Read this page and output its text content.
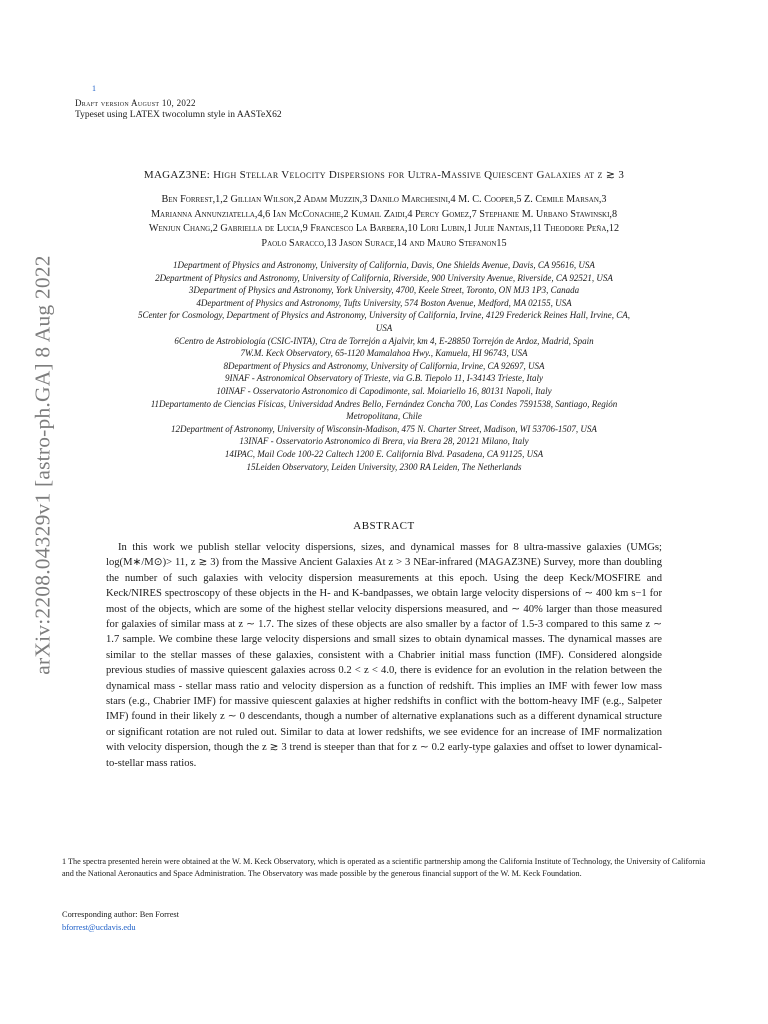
arXiv:2208.04329v1 [astro-ph.GA] 8 Aug 2022
1
Draft version August 10, 2022
Typeset using LATEX twocolumn style in AASTeX62
MAGAZ3NE: High Stellar Velocity Dispersions for Ultra-Massive Quiescent Galaxies at z ≳ 3
Ben Forrest,1,2 Gillian Wilson,2 Adam Muzzin,3 Danilo Marchesini,4 M. C. Cooper,5 Z. Cemile Marsan,3
Marianna Annunziatella,4,6 Ian McConachie,2 Kumail Zaidi,4 Percy Gomez,7 Stephanie M. Urbano Stawinski,8
Wenjun Chang,2 Gabriella de Lucia,9 Francesco La Barbera,10 Lori Lubin,1 Julie Nantais,11 Theodore Peña,12
Paolo Saracco,13 Jason Surace,14 and Mauro Stefanon15
1Department of Physics and Astronomy, University of California, Davis, One Shields Avenue, Davis, CA 95616, USA
2Department of Physics and Astronomy, University of California, Riverside, 900 University Avenue, Riverside, CA 92521, USA
3Department of Physics and Astronomy, York University, 4700, Keele Street, Toronto, ON MJ3 1P3, Canada
4Department of Physics and Astronomy, Tufts University, 574 Boston Avenue, Medford, MA 02155, USA
5Center for Cosmology, Department of Physics and Astronomy, University of California, Irvine, 4129 Frederick Reines Hall, Irvine, CA,
USA
6Centro de Astrobiología (CSIC-INTA), Ctra de Torrejón a Ajalvir, km 4, E-28850 Torrejón de Ardoz, Madrid, Spain
7W.M. Keck Observatory, 65-1120 Mamalahoa Hwy., Kamuela, HI 96743, USA
8Department of Physics and Astronomy, University of California, Irvine, CA 92697, USA
9INAF - Astronomical Observatory of Trieste, via G.B. Tiepolo 11, I-34143 Trieste, Italy
10INAF - Osservatorio Astronomico di Capodimonte, sal. Moiariello 16, 80131 Napoli, Italy
11Departamento de Ciencias Físicas, Universidad Andres Bello, Fernández Concha 700, Las Condes 7591538, Santiago, Región
Metropolitana, Chile
12Department of Astronomy, University of Wisconsin-Madison, 475 N. Charter Street, Madison, WI 53706-1507, USA
13INAF - Osservatorio Astronomico di Brera, via Brera 28, 20121 Milano, Italy
14IPAC, Mail Code 100-22 Caltech 1200 E. California Blvd. Pasadena, CA 91125, USA
15Leiden Observatory, Leiden University, 2300 RA Leiden, The Netherlands
ABSTRACT
In this work we publish stellar velocity dispersions, sizes, and dynamical masses for 8 ultra-massive galaxies (UMGs; log(M∗/M⊙)> 11, z ≳ 3) from the Massive Ancient Galaxies At z > 3 NEar-infrared (MAGAZ3NE) Survey, more than doubling the number of such galaxies with velocity dispersion measurements at this epoch. Using the deep Keck/MOSFIRE and Keck/NIRES spectroscopy of these objects in the H- and K-bandpasses, we obtain large velocity dispersions of ∼ 400 km s−1 for most of the objects, which are some of the highest stellar velocity dispersions measured, and ∼ 40% larger than those measured for galaxies of similar mass at z ∼ 1.7. The sizes of these objects are also smaller by a factor of 1.5-3 compared to this same z ∼ 1.7 sample. We combine these large velocity dispersions and small sizes to obtain dynamical masses. The dynamical masses are similar to the stellar masses of these galaxies, consistent with a Chabrier initial mass function (IMF). Considered alongside previous studies of massive quiescent galaxies across 0.2 < z < 4.0, there is evidence for an evolution in the relation between the dynamical mass - stellar mass ratio and velocity dispersion as a function of redshift. This implies an IMF with fewer low mass stars (e.g., Chabrier IMF) for massive quiescent galaxies at higher redshifts in conflict with the bottom-heavy IMF (e.g., Salpeter IMF) found in their likely z ∼ 0 descendants, though a number of alternative explanations such as a different dynamical structure or significant rotation are not ruled out. Similar to data at lower redshifts, we see evidence for an increase of IMF normalization with velocity dispersion, though the z ≳ 3 trend is steeper than that for z ∼ 0.2 early-type galaxies and offset to lower dynamical-to-stellar mass ratios.
1 The spectra presented herein were obtained at the W. M. Keck Observatory, which is operated as a scientific partnership among the California Institute of Technology, the University of California and the National Aeronautics and Space Administration. The Observatory was made possible by the generous financial support of the W. M. Keck Foundation.
Corresponding author: Ben Forrest
bforrest@ucdavis.edu
